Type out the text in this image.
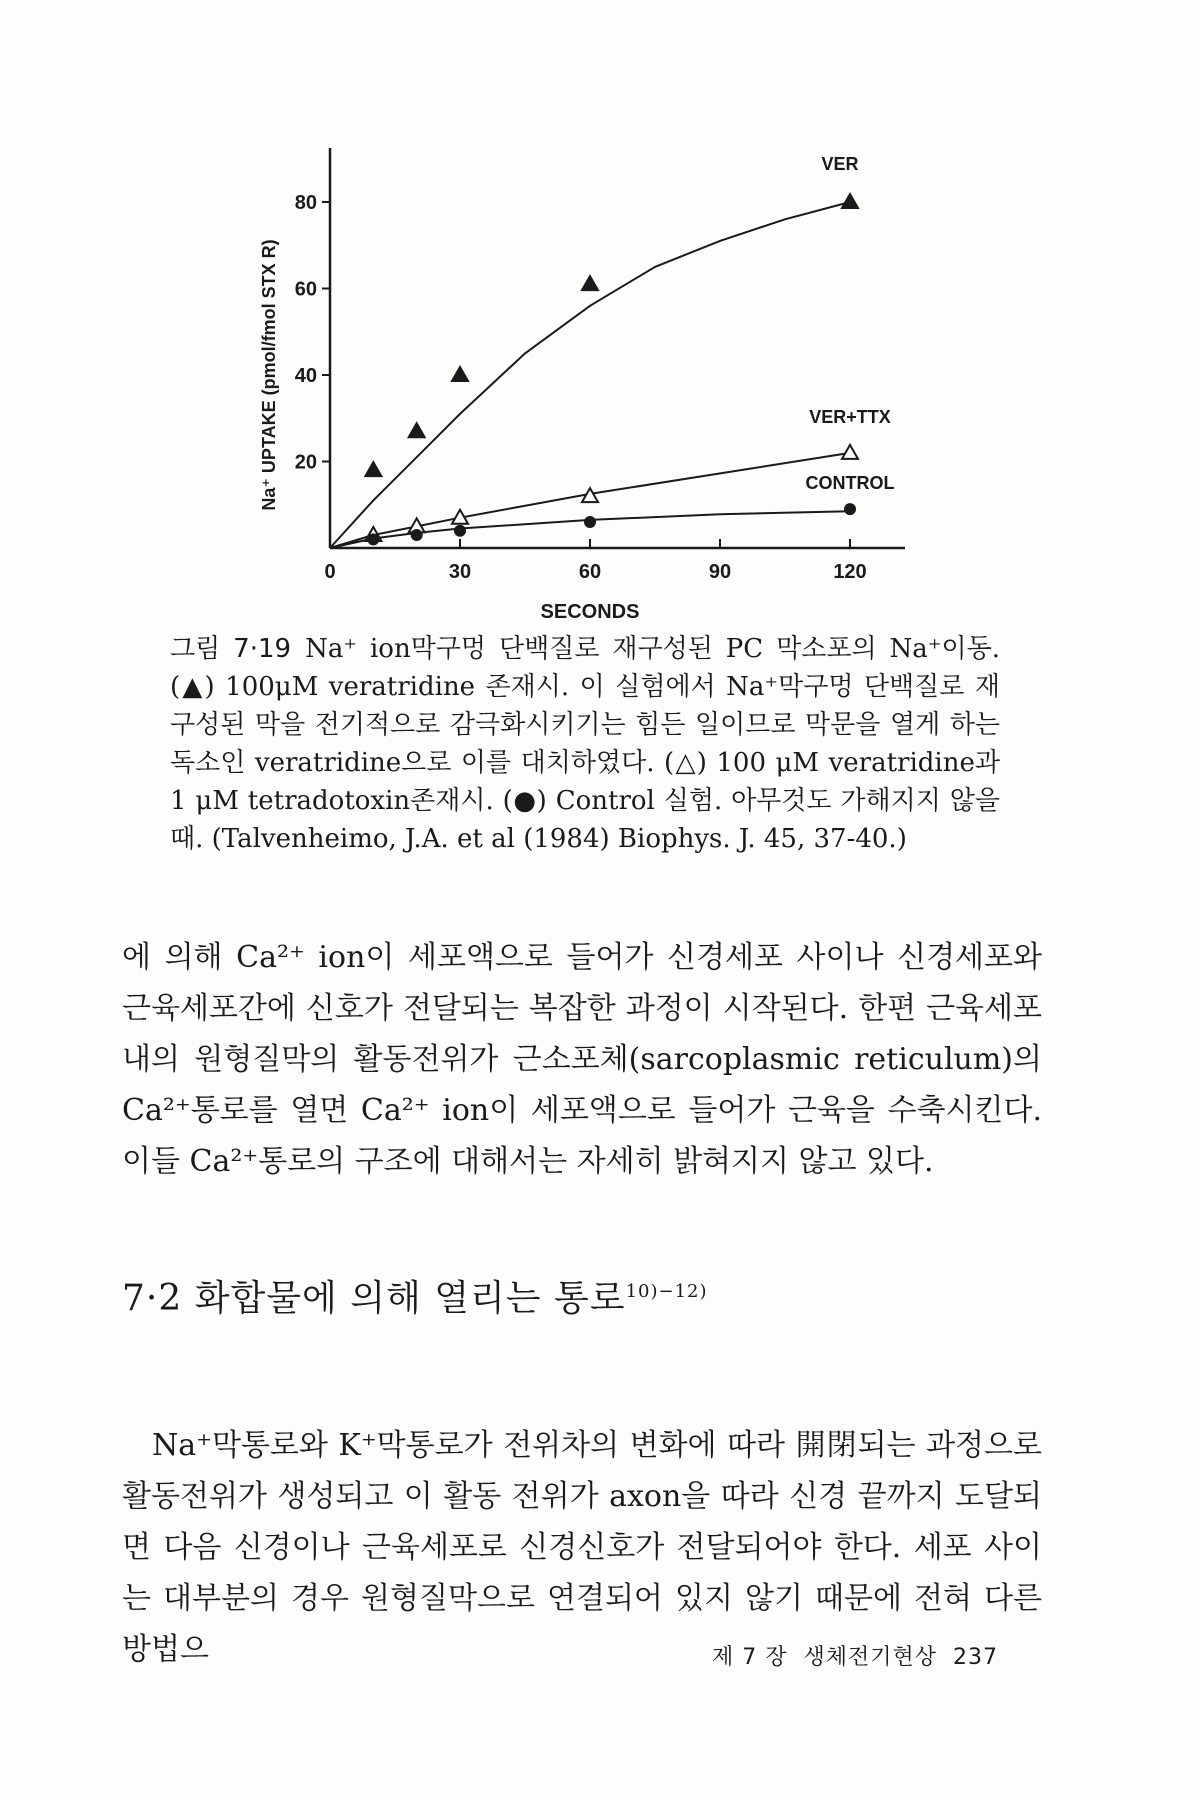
0	30	60	90	120
20
40
60
80
SECONDS
Na⁺ UPTAKE (pmol/fmol STX R)
VER
VER+TTX
CONTROL

그림 7·19 Na⁺ ion막구멍 단백질로 재구성된 PC 막소포의 Na⁺이동. (▲) 100μM veratridine 존재시. 이 실험에서 Na⁺막구멍 단백질로 재구성된 막을 전기적으로 감극화시키기는 힘든 일이므로 막문을 열게 하는 독소인 veratridine으로 이를 대치하였다. (△) 100 μM veratridine과 1 μM tetradotoxin존재시. (●) Control 실험. 아무것도 가해지지 않을 때. (Talvenheimo, J.A. et al (1984) Biophys. J. 45, 37-40.)

에 의해 Ca²⁺ ion이 세포액으로 들어가 신경세포 사이나 신경세포와 근육세포간에 신호가 전달되는 복잡한 과정이 시작된다. 한편 근육세포 내의 원형질막의 활동전위가 근소포체(sarcoplasmic reticulum)의 Ca²⁺통로를 열면 Ca²⁺ ion이 세포액으로 들어가 근육을 수축시킨다. 이들 Ca²⁺통로의 구조에 대해서는 자세히 밝혀지지 않고 있다.

7·2 화합물에 의해 열리는 통로$^{10)-12)}$

Na⁺막통로와 K⁺막통로가 전위차의 변화에 따라 開閉되는 과정으로 활동전위가 생성되고 이 활동 전위가 axon을 따라 신경 끝까지 도달되면 다음 신경이나 근육세포로 신경신호가 전달되어야 한다. 세포 사이는 대부분의 경우 원형질막으로 연결되어 있지 않기 때문에 전혀 다른 방법으	제 7 장 생체전기현상 237
